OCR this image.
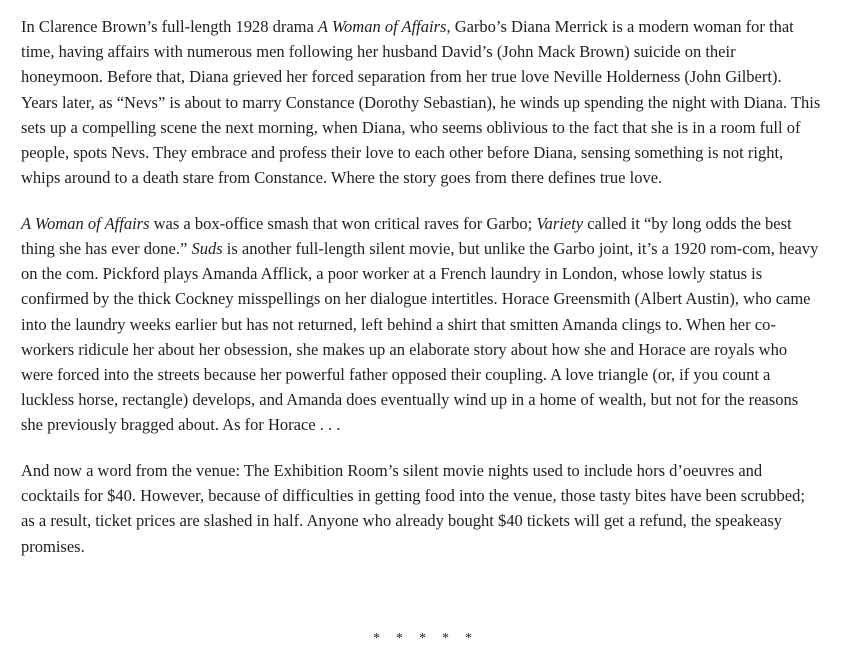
In Clarence Brown’s full-length 1928 drama A Woman of Affairs, Garbo’s Diana Merrick is a modern woman for that time, having affairs with numerous men following her husband David’s (John Mack Brown) suicide on their honeymoon. Before that, Diana grieved her forced separation from her true love Neville Holderness (John Gilbert). Years later, as “Nevs” is about to marry Constance (Dorothy Sebastian), he winds up spending the night with Diana. This sets up a compelling scene the next morning, when Diana, who seems oblivious to the fact that she is in a room full of people, spots Nevs. They embrace and profess their love to each other before Diana, sensing something is not right, whips around to a death stare from Constance. Where the story goes from there defines true love.

A Woman of Affairs was a box-office smash that won critical raves for Garbo; Variety called it “by long odds the best thing she has ever done.” Suds is another full-length silent movie, but unlike the Garbo joint, it’s a 1920 rom-com, heavy on the com. Pickford plays Amanda Afflick, a poor worker at a French laundry in London, whose lowly status is confirmed by the thick Cockney misspellings on her dialogue intertitles. Horace Greensmith (Albert Austin), who came into the laundry weeks earlier but has not returned, left behind a shirt that smitten Amanda clings to. When her co-workers ridicule her about her obsession, she makes up an elaborate story about how she and Horace are royals who were forced into the streets because her powerful father opposed their coupling. A love triangle (or, if you count a luckless horse, rectangle) develops, and Amanda does eventually wind up in a home of wealth, but not for the reasons she previously bragged about. As for Horace . . .

And now a word from the venue: The Exhibition Room’s silent movie nights used to include hors d’oeuvres and cocktails for $40. However, because of difficulties in getting food into the venue, those tasty bites have been scrubbed; as a result, ticket prices are slashed in half. Anyone who already bought $40 tickets will get a refund, the speakeasy promises.

* * * * *
